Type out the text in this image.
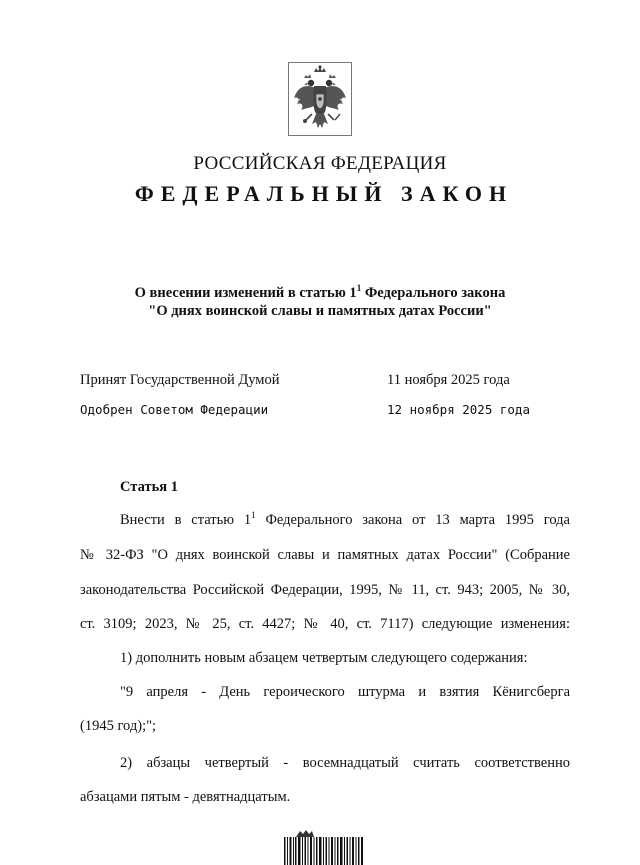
РОССИЙСКАЯ ФЕДЕРАЦИЯ
ФЕДЕРАЛЬНЫЙ ЗАКОН
О внесении изменений в статью $1^1$ Федерального закона
"О днях воинской славы и памятных датах России"
Принят Государственной Думой	11 ноября 2025 года
Одобрен Советом Федерации	12 ноября 2025 года
Статья 1
Внести в статью $1^1$ Федерального закона от 13 марта 1995 года
№ 32-ФЗ "О днях воинской славы и памятных датах России" (Собрание
законодательства Российской Федерации, 1995, № 11, ст. 943; 2005, № 30,
ст. 3109; 2023, № 25, ст. 4427; № 40, ст. 7117) следующие изменения:
1) дополнить новым абзацем четвертым следующего содержания:
"9 апреля - День героического штурма и взятия Кёнигсберга
(1945 год);";
2) абзацы четвертый - восемнадцатый считать соответственно
абзацами пятым - девятнадцатым.
